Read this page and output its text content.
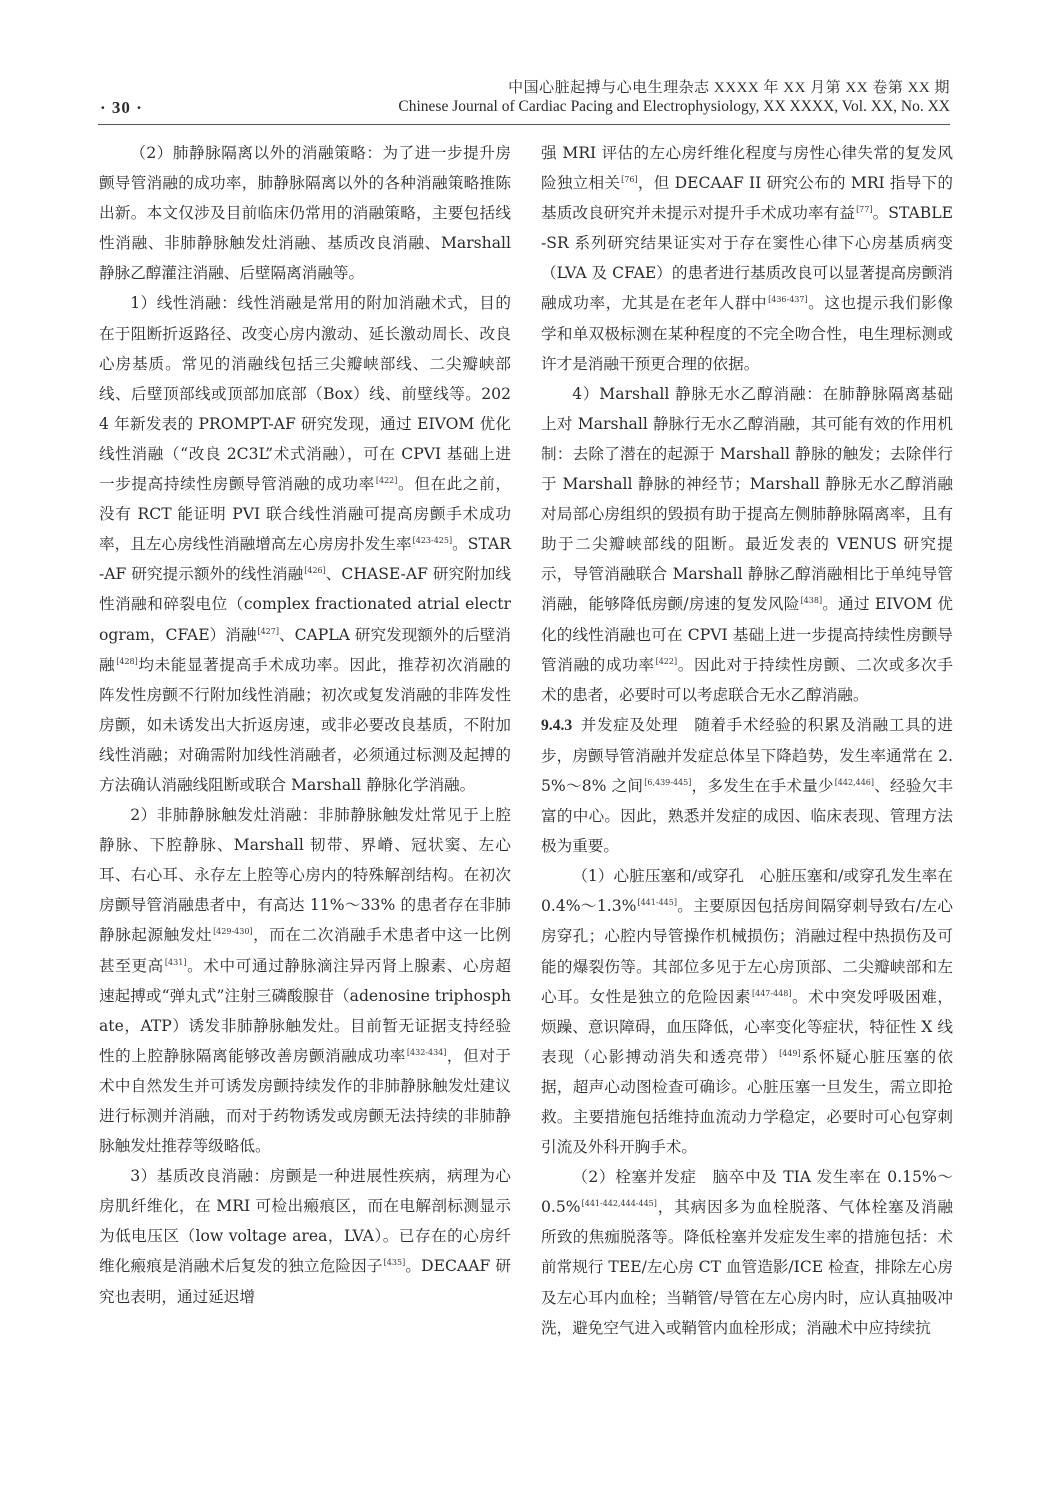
· 30 ·
中国心脏起搏与心电生理杂志 XXXX 年 XX 月第 XX 卷第 XX 期
Chinese Journal of Cardiac Pacing and Electrophysiology, XX XXXX, Vol. XX, No. XX

（2）肺静脉隔离以外的消融策略：为了进一步提升房颤导管消融的成功率，肺静脉隔离以外的各种消融策略推陈出新。本文仅涉及目前临床仍常用的消融策略，主要包括线性消融、非肺静脉触发灶消融、基质改良消融、Marshall静脉乙醇灌注消融、后壁隔离消融等。

1）线性消融：线性消融是常用的附加消融术式，目的在于阻断折返路径、改变心房内激动、延长激动周长、改良心房基质。常见的消融线包括三尖瓣峡部线、二尖瓣峡部线、后壁顶部线或顶部加底部（Box）线、前壁线等。2024 年新发表的 PROMPT-AF 研究发现，通过 EIVOM 优化线性消融（“改良 2C3L”术式消融），可在 CPVI 基础上进一步提高持续性房颤导管消融的成功率[422]。但在此之前，没有 RCT 能证明 PVI 联合线性消融可提高房颤手术成功率，且左心房线性消融增高左心房房扑发生率[423-425]。STAR-AF 研究提示额外的线性消融[426]、CHASE-AF 研究附加线性消融和碎裂电位（complex fractionated atrial electrogram，CFAE）消融[427]、CAPLA 研究发现额外的后壁消融[428]均未能显著提高手术成功率。因此，推荐初次消融的阵发性房颤不行附加线性消融；初次或复发消融的非阵发性房颤，如未诱发出大折返房速，或非必要改良基质，不附加线性消融；对确需附加线性消融者，必须通过标测及起搏的方法确认消融线阻断或联合 Marshall 静脉化学消融。

2）非肺静脉触发灶消融：非肺静脉触发灶常见于上腔静脉、下腔静脉、Marshall 韧带、界嵴、冠状窦、左心耳、右心耳、永存左上腔等心房内的特殊解剖结构。在初次房颤导管消融患者中，有高达 11%～33% 的患者存在非肺静脉起源触发灶[429-430]，而在二次消融手术患者中这一比例甚至更高[431]。术中可通过静脉滴注异丙肾上腺素、心房超速起搏或“弹丸式”注射三磷酸腺苷（adenosine triphosphate，ATP）诱发非肺静脉触发灶。目前暂无证据支持经验性的上腔静脉隔离能够改善房颤消融成功率[432-434]，但对于术中自然发生并可诱发房颤持续发作的非肺静脉触发灶建议进行标测并消融，而对于药物诱发或房颤无法持续的非肺静脉触发灶推荐等级略低。

3）基质改良消融：房颤是一种进展性疾病，病理为心房肌纤维化，在 MRI 可检出瘢痕区，而在电解剖标测显示为低电压区（low voltage area，LVA）。已存在的心房纤维化瘢痕是消融术后复发的独立危险因子[435]。DECAAF 研究也表明，通过延迟增

强 MRI 评估的左心房纤维化程度与房性心律失常的复发风险独立相关[76]，但 DECAAF II 研究公布的 MRI 指导下的基质改良研究并未提示对提升手术成功率有益[77]。STABLE-SR 系列研究结果证实对于存在窦性心律下心房基质病变（LVA 及 CFAE）的患者进行基质改良可以显著提高房颤消融成功率，尤其是在老年人群中[436-437]。这也提示我们影像学和单双极标测在某种程度的不完全吻合性，电生理标测或许才是消融干预更合理的依据。

4）Marshall 静脉无水乙醇消融：在肺静脉隔离基础上对 Marshall 静脉行无水乙醇消融，其可能有效的作用机制：去除了潜在的起源于 Marshall 静脉的触发；去除伴行于 Marshall 静脉的神经节；Marshall 静脉无水乙醇消融对局部心房组织的毁损有助于提高左侧肺静脉隔离率，且有助于二尖瓣峡部线的阻断。最近发表的 VENUS 研究提示，导管消融联合 Marshall 静脉乙醇消融相比于单纯导管消融，能够降低房颤/房速的复发风险[438]。通过 EIVOM 优化的线性消融也可在 CPVI 基础上进一步提高持续性房颤导管消融的成功率[422]。因此对于持续性房颤、二次或多次手术的患者，必要时可以考虑联合无水乙醇消融。

9.4.3 并发症及处理　随着手术经验的积累及消融工具的进步，房颤导管消融并发症总体呈下降趋势，发生率通常在 2.5%～8% 之间[6,439-445]，多发生在手术量少[442,446]、经验欠丰富的中心。因此，熟悉并发症的成因、临床表现、管理方法极为重要。

（1）心脏压塞和/或穿孔　心脏压塞和/或穿孔发生率在 0.4%～1.3%[441-445]。主要原因包括房间隔穿刺导致右/左心房穿孔；心腔内导管操作机械损伤；消融过程中热损伤及可能的爆裂伤等。其部位多见于左心房顶部、二尖瓣峡部和左心耳。女性是独立的危险因素[447-448]。术中突发呼吸困难，烦躁、意识障碍，血压降低，心率变化等症状，特征性 X 线表现（心影搏动消失和透亮带）[449]系怀疑心脏压塞的依据，超声心动图检查可确诊。心脏压塞一旦发生，需立即抢救。主要措施包括维持血流动力学稳定，必要时可心包穿刺引流及外科开胸手术。

（2）栓塞并发症　脑卒中及 TIA 发生率在 0.15%～0.5%[441-442,444-445]，其病因多为血栓脱落、气体栓塞及消融所致的焦痂脱落等。降低栓塞并发症发生率的措施包括：术前常规行 TEE/左心房 CT 血管造影/ICE 检查，排除左心房及左心耳内血栓；当鞘管/导管在左心房内时，应认真抽吸冲洗，避免空气进入或鞘管内血栓形成；消融术中应持续抗
